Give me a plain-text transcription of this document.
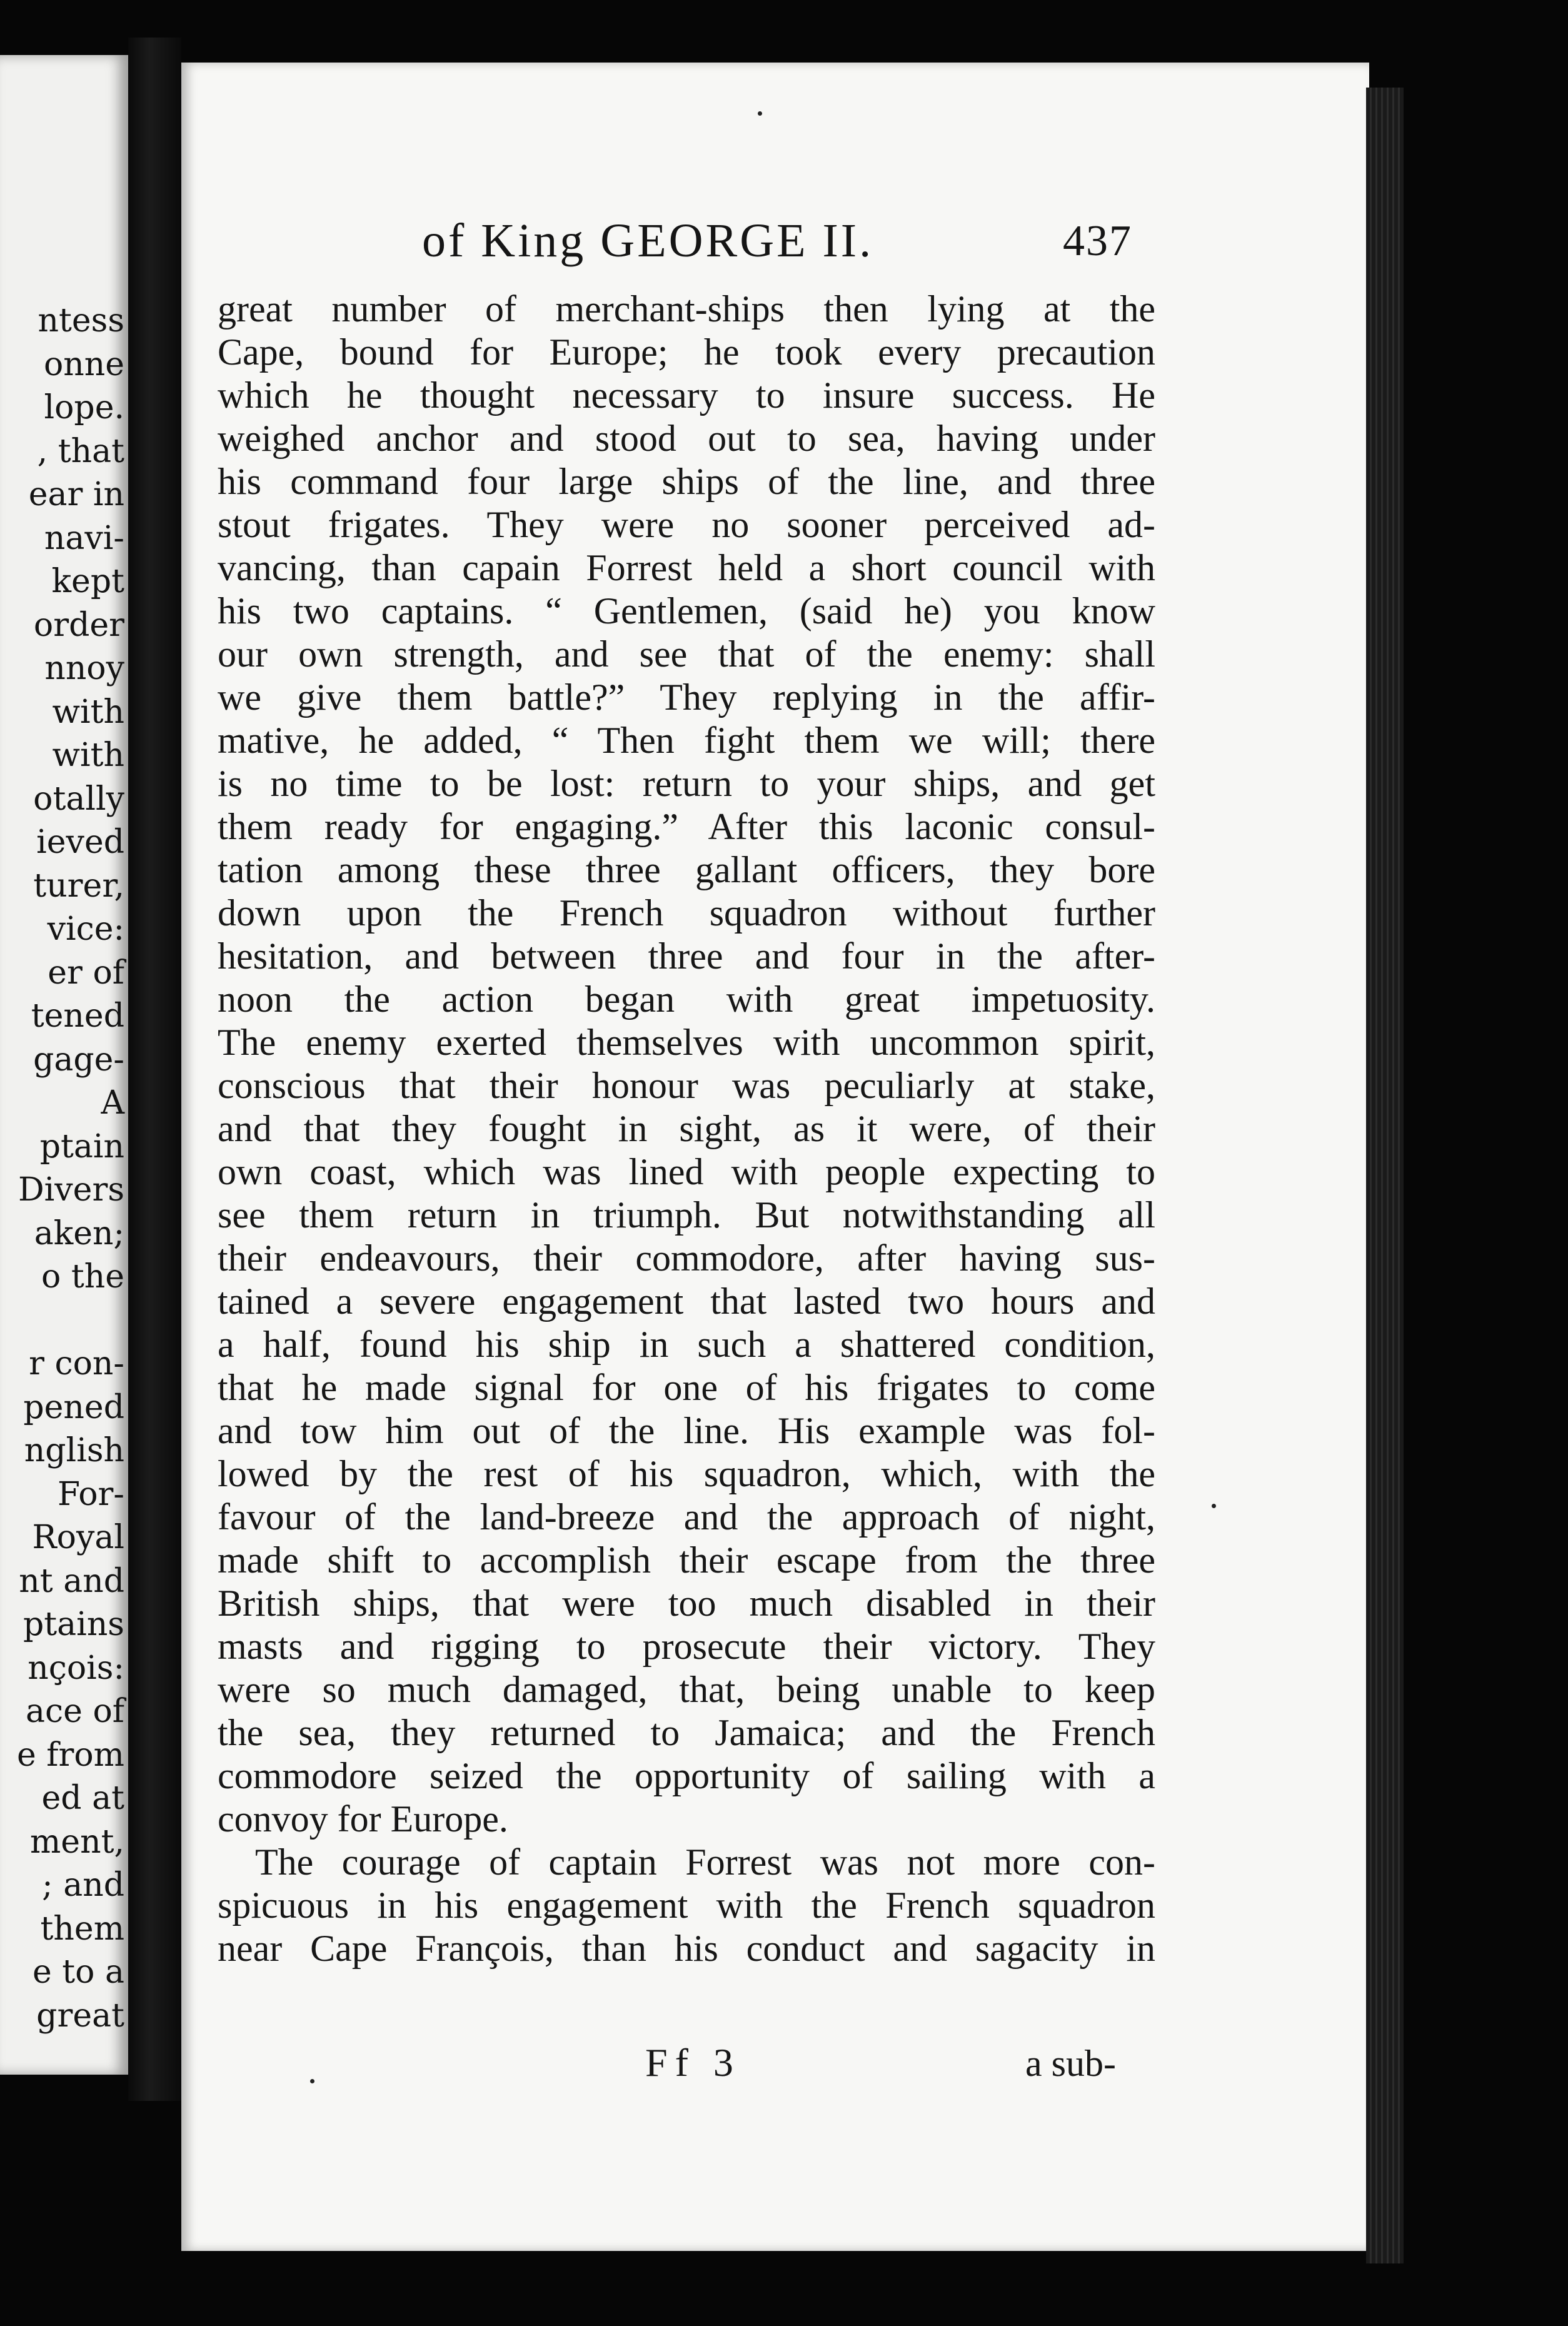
ntess
onne
lope.
, that
ear in
navi-
kept
order
nnoy
with
with
otally
ieved
turer,
vice:
er of
tened
gage-
A
ptain
Divers
aken;
o the
r con-
pened
nglish
For-
Royal
nt and
ptains
nçois:
ace of
e from
ed at
ment,
; and
them
e to a
great
of King GEORGE II.	437
great number of merchant-ships then lying at the
Cape, bound for Europe; he took every precaution
which he thought necessary to insure success. He
weighed anchor and stood out to sea, having under
his command four large ships of the line, and three
stout frigates. They were no sooner perceived ad-
vancing, than capain Forrest held a short council with
his two captains. “ Gentlemen, (said he) you know
our own strength, and see that of the enemy: shall
we give them battle?” They replying in the affir-
mative, he added, “ Then fight them we will; there
is no time to be lost: return to your ships, and get
them ready for engaging.” After this laconic consul-
tation among these three gallant officers, they bore
down upon the French squadron without further
hesitation, and between three and four in the after-
noon the action began with great impetuosity.
The enemy exerted themselves with uncommon spirit,
conscious that their honour was peculiarly at stake,
and that they fought in sight, as it were, of their
own coast, which was lined with people expecting to
see them return in triumph. But notwithstanding all
their endeavours, their commodore, after having sus-
tained a severe engagement that lasted two hours and
a half, found his ship in such a shattered condition,
that he made signal for one of his frigates to come
and tow him out of the line. His example was fol-
lowed by the rest of his squadron, which, with the
favour of the land-breeze and the approach of night,
made shift to accomplish their escape from the three
British ships, that were too much disabled in their
masts and rigging to prosecute their victory. They
were so much damaged, that, being unable to keep
the sea, they returned to Jamaica; and the French
commodore seized the opportunity of sailing with a
convoy for Europe.
The courage of captain Forrest was not more con-
spicuous in his engagement with the French squadron
near Cape François, than his conduct and sagacity in
Ff 3	a sub-
